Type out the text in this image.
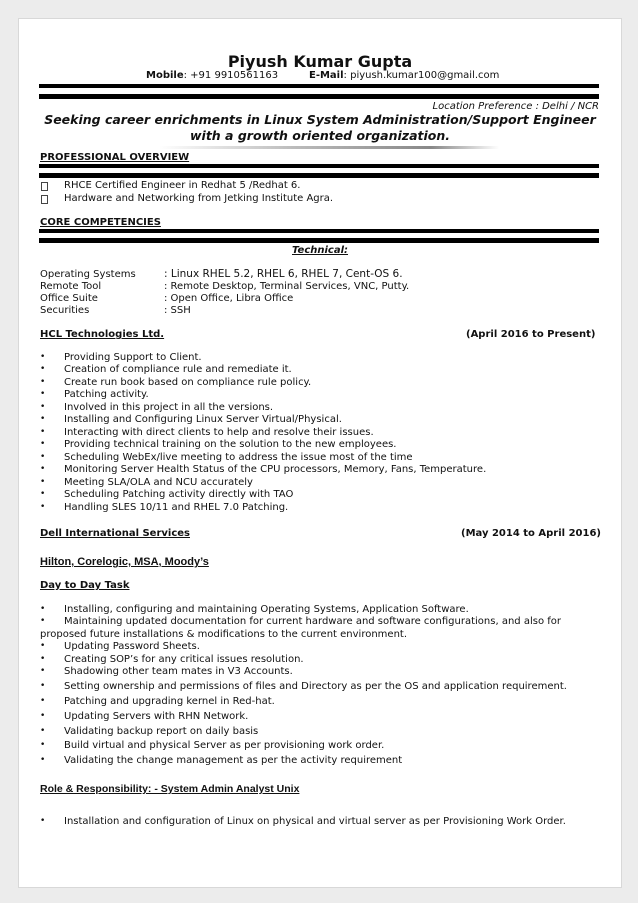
Piyush Kumar Gupta
Mobile: +91 9910561163	E-Mail: piyush.kumar100@gmail.com
Location Preference : Delhi / NCR
Seeking career enrichments in Linux System Administration/Support Engineer with a growth oriented organization.
PROFESSIONAL OVERVIEW
RHCE Certified Engineer in Redhat 5 /Redhat 6.
Hardware and Networking from Jetking Institute Agra.
CORE COMPETENCIES
Technical:
Operating Systems	: Linux RHEL 5.2, RHEL 6, RHEL 7, Cent-OS 6.
Remote Tool	: Remote Desktop, Terminal Services, VNC, Putty.
Office Suite	: Open Office, Libra Office
Securities	: SSH
HCL Technologies Ltd.	(April 2016 to Present)
• Providing Support to Client.
• Creation of compliance rule and remediate it.
• Create run book based on compliance rule policy.
• Patching activity.
• Involved in this project in all the versions.
• Installing and Configuring Linux Server Virtual/Physical.
• Interacting with direct clients to help and resolve their issues.
• Providing technical training on the solution to the new employees.
• Scheduling WebEx/live meeting to address the issue most of the time
• Monitoring Server Health Status of the CPU processors, Memory, Fans, Temperature.
• Meeting SLA/OLA and NCU accurately
• Scheduling Patching activity directly with TAO
• Handling SLES 10/11 and RHEL 7.0 Patching.
Dell International Services	(May 2014 to April 2016)
Hilton, Corelogic, MSA, Moody’s
Day to Day Task
• Installing, configuring and maintaining Operating Systems, Application Software.
• Maintaining updated documentation for current hardware and software configurations, and also for
proposed future installations & modifications to the current environment.
• Updating Password Sheets.
• Creating SOP’s for any critical issues resolution.
• Shadowing other team mates in V3 Accounts.
• Setting ownership and permissions of files and Directory as per the OS and application requirement.
• Patching and upgrading kernel in Red-hat.
• Updating Servers with RHN Network.
• Validating backup report on daily basis
• Build virtual and physical Server as per provisioning work order.
• Validating the change management as per the activity requirement
Role & Responsibility: - System Admin Analyst Unix
• Installation and configuration of Linux on physical and virtual server as per Provisioning Work Order.
